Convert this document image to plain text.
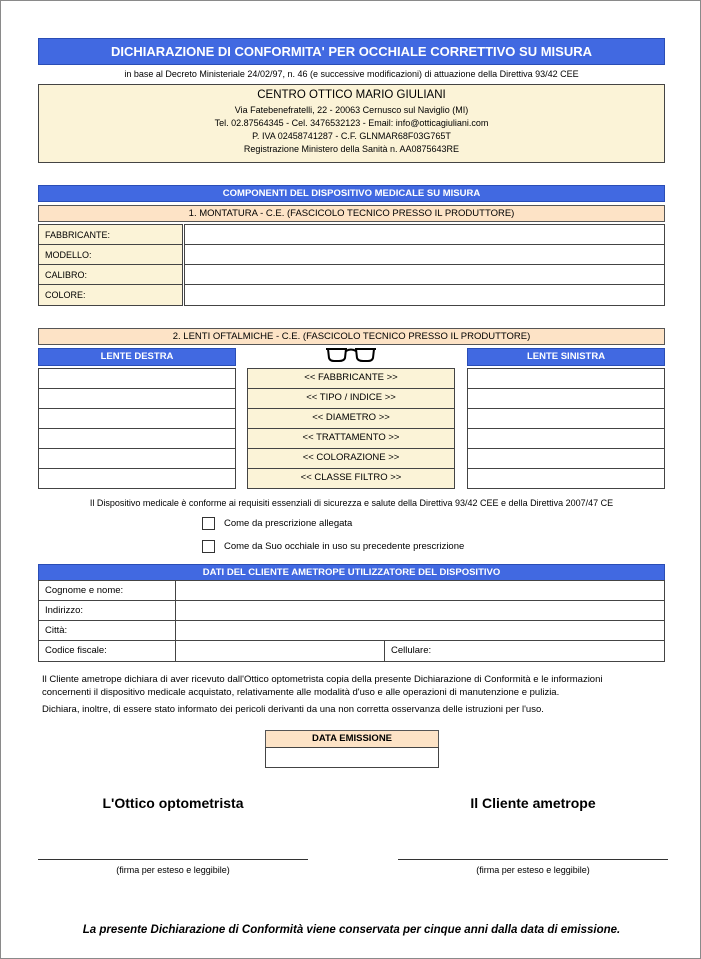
DICHIARAZIONE DI CONFORMITA' PER OCCHIALE CORRETTIVO SU MISURA
in base al Decreto Ministeriale 24/02/97, n. 46 (e successive modificazioni) di attuazione della Direttiva 93/42 CEE
CENTRO OTTICO MARIO GIULIANI
Via Fatebenefratelli, 22 - 20063 Cernusco sul Naviglio (MI)
Tel. 02.87564345 - Cel. 3476532123 - Email: info@otticagiuliani.com
P. IVA 02458741287 - C.F. GLNMAR68F03G765T
Registrazione Ministero della Sanità n. AA0875643RE
COMPONENTI DEL DISPOSITIVO MEDICALE SU MISURA
1. MONTATURA - C.E. (FASCICOLO TECNICO PRESSO IL PRODUTTORE)
FABBRICANTE:
MODELLO:
CALIBRO:
COLORE:
2. LENTI OFTALMICHE - C.E. (FASCICOLO TECNICO PRESSO IL PRODUTTORE)
LENTE DESTRA	LENTE SINISTRA
<< FABBRICANTE >>
<< TIPO / INDICE >>
<< DIAMETRO >>
<< TRATTAMENTO >>
<< COLORAZIONE >>
<< CLASSE FILTRO >>
Il Dispositivo medicale è conforme ai requisiti essenziali di sicurezza e salute della Direttiva 93/42 CEE e della Direttiva 2007/47 CE
Come da prescrizione allegata
Come da Suo occhiale in uso su precedente prescrizione
DATI DEL CLIENTE AMETROPE UTILIZZATORE DEL DISPOSITIVO
Cognome e nome:
Indirizzo:
Città:
Codice fiscale:	Cellulare:
Il Cliente ametrope dichiara di aver ricevuto dall'Ottico optometrista copia della presente Dichiarazione di Conformità e le informazioni
concernenti il dispositivo medicale acquistato, relativamente alle modalità d'uso e alle operazioni di manutenzione e pulizia.
Dichiara, inoltre, di essere stato informato dei pericoli derivanti da una non corretta osservanza delle istruzioni per l'uso.
DATA EMISSIONE
L'Ottico optometrista	Il Cliente ametrope
(firma per esteso e leggibile)	(firma per esteso e leggibile)
La presente Dichiarazione di Conformità viene conservata per cinque anni dalla data di emissione.
